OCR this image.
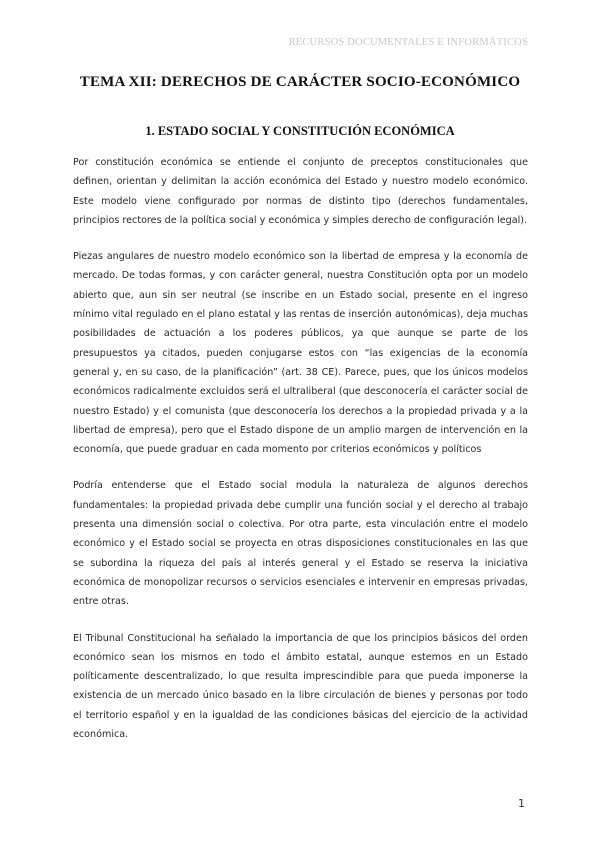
RECURSOS DOCUMENTALES E INFORMÁTICOS
TEMA XII: DERECHOS DE CARÁCTER SOCIO-ECONÓMICO
1. ESTADO SOCIAL Y CONSTITUCIÓN ECONÓMICA

Por constitución económica se entiende el conjunto de preceptos constitucionales que definen, orientan y delimitan la acción económica del Estado y nuestro modelo económico. Este modelo viene configurado por normas de distinto tipo (derechos fundamentales, principios rectores de la política social y económica y simples derecho de configuración legal).

Piezas angulares de nuestro modelo económico son la libertad de empresa y la economía de mercado. De todas formas, y con carácter general, nuestra Constitución opta por un modelo abierto que, aun sin ser neutral (se inscribe en un Estado social, presente en el ingreso mínimo vital regulado en el plano estatal y las rentas de inserción autonómicas), deja muchas posibilidades de actuación a los poderes públicos, ya que aunque se parte de los presupuestos ya citados, pueden conjugarse estos con “las exigencias de la economía general y, en su caso, de la planificación” (art. 38 CE). Parece, pues, que los únicos modelos económicos radicalmente excluidos será el ultraliberal (que desconocería el carácter social de nuestro Estado) y el comunista (que desconocería los derechos a la propiedad privada y a la libertad de empresa), pero que el Estado dispone de un amplio margen de intervención en la economía, que puede graduar en cada momento por criterios económicos y políticos

Podría entenderse que el Estado social modula la naturaleza de algunos derechos fundamentales: la propiedad privada debe cumplir una función social y el derecho al trabajo presenta una dimensión social o colectiva. Por otra parte, esta vinculación entre el modelo económico y el Estado social se proyecta en otras disposiciones constitucionales en las que se subordina la riqueza del país al interés general y el Estado se reserva la iniciativa económica de monopolizar recursos o servicios esenciales e intervenir en empresas privadas, entre otras.

El Tribunal Constitucional ha señalado la importancia de que los principios básicos del orden económico sean los mismos en todo el ámbito estatal, aunque estemos en un Estado políticamente descentralizado, lo que resulta imprescindible para que pueda imponerse la existencia de un mercado único basado en la libre circulación de bienes y personas por todo el territorio español y en la igualdad de las condiciones básicas del ejercicio de la actividad económica.

1
